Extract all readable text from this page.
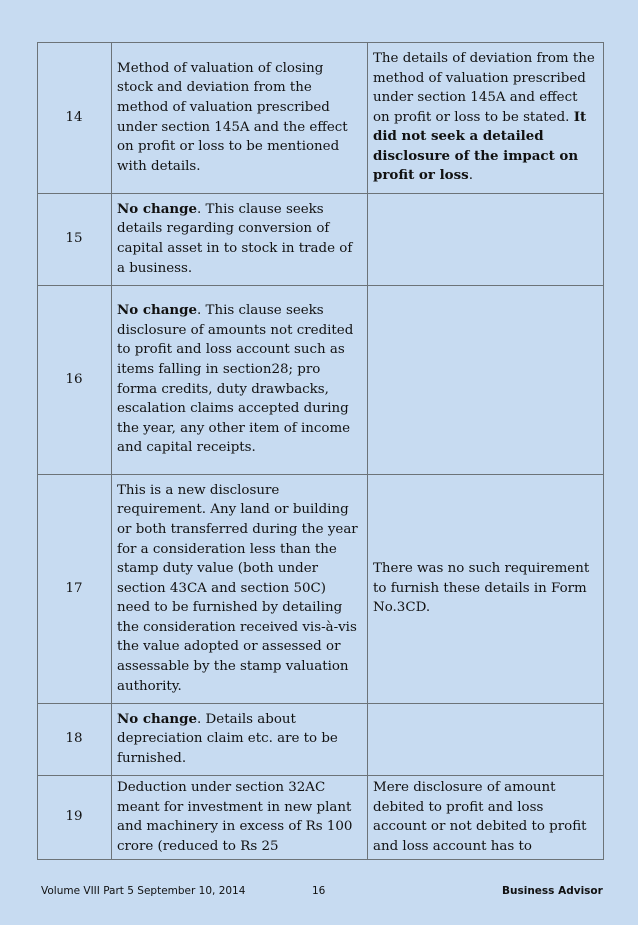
14	Method of valuation of closing stock and deviation from the method of valuation prescribed under section 145A and the effect on profit or loss to be mentioned with details.	The details of deviation from the method of valuation prescribed under section 145A and effect on profit or loss to be stated. It did not seek a detailed disclosure of the impact on profit or loss.
15	No change. This clause seeks details regarding conversion of capital asset in to stock in trade of a business.	
16	No change. This clause seeks disclosure of amounts not credited to profit and loss account such as items falling in section28; pro forma credits, duty drawbacks, escalation claims accepted during the year, any other item of income and capital receipts.	
17	This is a new disclosure requirement. Any land or building or both transferred during the year for a consideration less than the stamp duty value (both under section 43CA and section 50C) need to be furnished by detailing the consideration received vis-à-vis the value adopted or assessed or assessable by the stamp valuation authority.	There was no such requirement to furnish these details in Form No.3CD.
18	No change. Details about depreciation claim etc. are to be furnished.	
19	Deduction under section 32AC meant for investment in new plant and machinery in excess of Rs 100 crore (reduced to Rs 25	Mere disclosure of amount debited to profit and loss account or not debited to profit and loss account has to
Volume VIII Part 5 September 10, 2014	16	Business Advisor
